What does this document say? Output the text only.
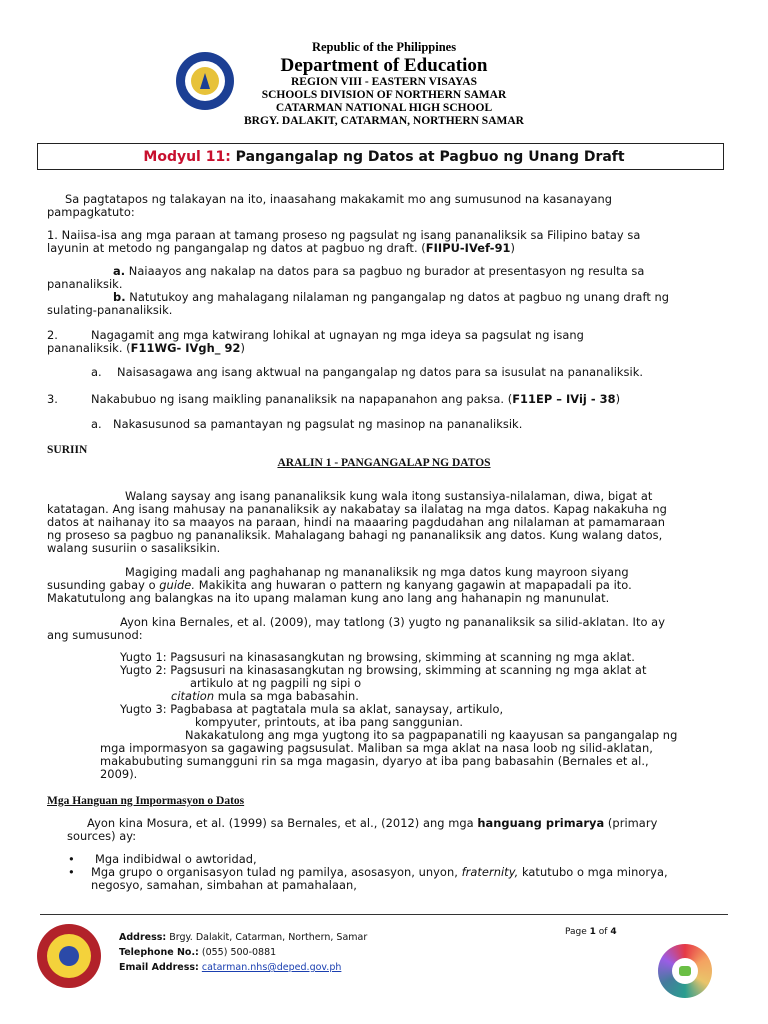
Republic of the Philippines
Department of Education
REGION VIII - EASTERN VISAYAS
SCHOOLS DIVISION OF NORTHERN SAMAR
CATARMAN NATIONAL HIGH SCHOOL
BRGY. DALAKIT, CATARMAN, NORTHERN SAMAR
Modyul 11: Pangangalap ng Datos at Pagbuo ng Unang Draft
Sa pagtatapos ng talakayan na ito, inaasahang makakamit mo ang sumusunod na kasanayang
pampagkatuto:
1. Naiisa-isa ang mga paraan at tamang proseso ng pagsulat ng isang pananaliksik sa Filipino batay sa
layunin at metodo ng pangangalap ng datos at pagbuo ng draft. (FIIPU-IVef-91)
a. Naiaayos ang nakalap na datos para sa pagbuo ng burador at presentasyon ng resulta sa
pananaliksik.
b. Natutukoy ang mahalagang nilalaman ng pangangalap ng datos at pagbuo ng unang draft ng
sulating-pananaliksik.
2.	Nagagamit ang mga katwirang lohikal at ugnayan ng mga ideya sa pagsulat ng isang
pananaliksik. (F11WG- IVgh_ 92)
a. Naisasagawa ang isang aktwual na pangangalap ng datos para sa isusulat na pananaliksik.
3.	Nakabubuo ng isang maikling pananaliksik na napapanahon ang paksa. (F11EP – IVij - 38)
a. Nakasusunod sa pamantayan ng pagsulat ng masinop na pananaliksik.
SURIIN
ARALIN 1 - PANGANGALAP NG DATOS
Walang saysay ang isang pananaliksik kung wala itong sustansiya-nilalaman, diwa, bigat at
katatagan. Ang isang mahusay na pananaliksik ay nakabatay sa ilalatag na mga datos. Kapag nakakuha ng
datos at naihanay ito sa maayos na paraan, hindi na maaaring pagdudahan ang nilalaman at pamamaraan
ng proseso sa pagbuo ng pananaliksik. Mahalagang bahagi ng pananaliksik ang datos. Kung walang datos,
walang susuriin o sasaliksikin.
Magiging madali ang paghahanap ng mananaliksik ng mga datos kung mayroon siyang
susunding gabay o guide. Makikita ang huwaran o pattern ng kanyang gagawin at mapapadali pa ito.
Makatutulong ang balangkas na ito upang malaman kung ano lang ang hahanapin ng manunulat.
Ayon kina Bernales, et al. (2009), may tatlong (3) yugto ng pananaliksik sa silid-aklatan. Ito ay
ang sumusunod:
Yugto 1: Pagsusuri na kinasasangkutan ng browsing, skimming at scanning ng mga aklat.
Yugto 2: Pagsusuri na kinasasangkutan ng browsing, skimming at scanning ng mga aklat at
artikulo at ng pagpili ng sipi o
citation mula sa mga babasahin.
Yugto 3: Pagbabasa at pagtatala mula sa aklat, sanaysay, artikulo,
kompyuter, printouts, at iba pang sanggunian.
Nakakatulong ang mga yugtong ito sa pagpapanatili ng kaayusan sa pangangalap ng
mga impormasyon sa gagawing pagsusulat. Maliban sa mga aklat na nasa loob ng silid-aklatan,
makabubuting sumangguni rin sa mga magasin, dyaryo at iba pang babasahin (Bernales et al.,
2009).
Mga Hanguan ng Impormasyon o Datos
Ayon kina Mosura, et al. (1999) sa Bernales, et al., (2012) ang mga hanguang primarya (primary
sources) ay:
• Mga indibidwal o awtoridad,
• Mga grupo o organisasyon tulad ng pamilya, asosasyon, unyon, fraternity, katutubo o mga minorya,
negosyo, samahan, simbahan at pamahalaan,
Address: Brgy. Dalakit, Catarman, Northern, Samar
Telephone No.: (055) 500-0881
Email Address: catarman.nhs@deped.gov.ph
Page 1 of 4
